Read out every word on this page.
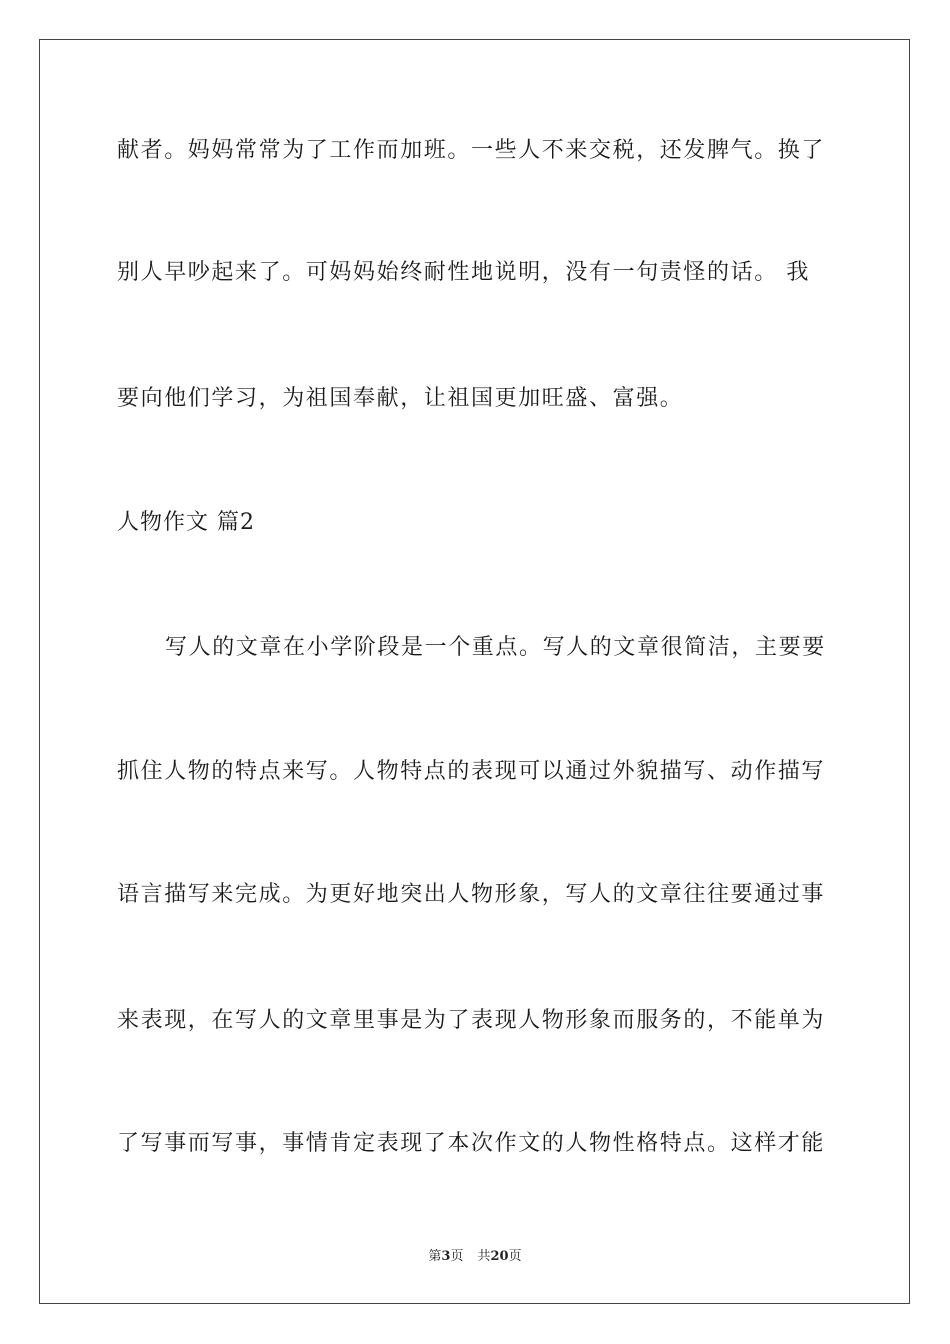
献者。妈妈常常为了工作而加班。一些人不来交税，还发脾气。换了
别人早吵起来了。可妈妈始终耐性地说明，没有一句责怪的话。 我
要向他们学习，为祖国奉献，让祖国更加旺盛、富强。
人物作文 篇2
写人的文章在小学阶段是一个重点。写人的文章很简洁，主要要
抓住人物的特点来写。人物特点的表现可以通过外貌描写、动作描写
语言描写来完成。为更好地突出人物形象，写人的文章往往要通过事
来表现，在写人的文章里事是为了表现人物形象而服务的，不能单为
了写事而写事，事情肯定表现了本次作文的人物性格特点。这样才能
第3页 共20页
